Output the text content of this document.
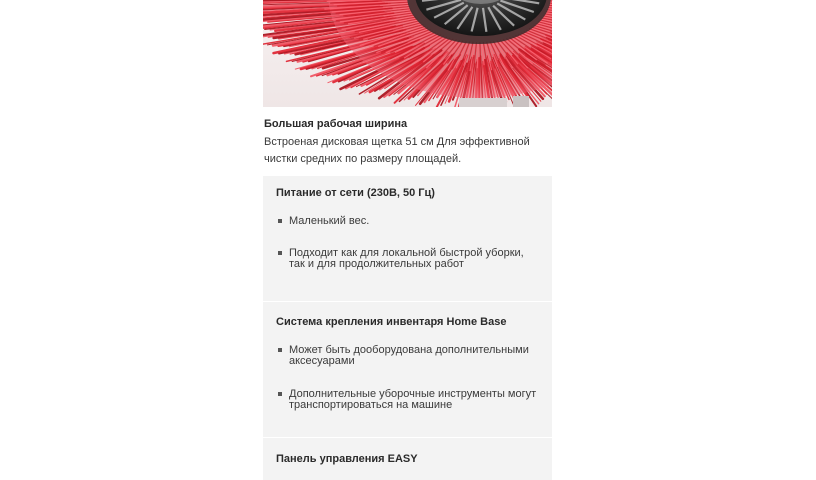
Большая рабочая ширина
Встроеная дисковая щетка 51 см Для эффективной чистки средних по размеру площадей.
Питание от сети (230В, 50 Гц)
Маленький вес.
Подходит как для локальной быстрой уборки, так и для продолжительных работ
Система крепления инвентаря Home Base
Может быть дооборудована дополнительными аксесуарами
Дополнительные уборочные инструменты могут транспортироваться на машине
Панель управления EASY
